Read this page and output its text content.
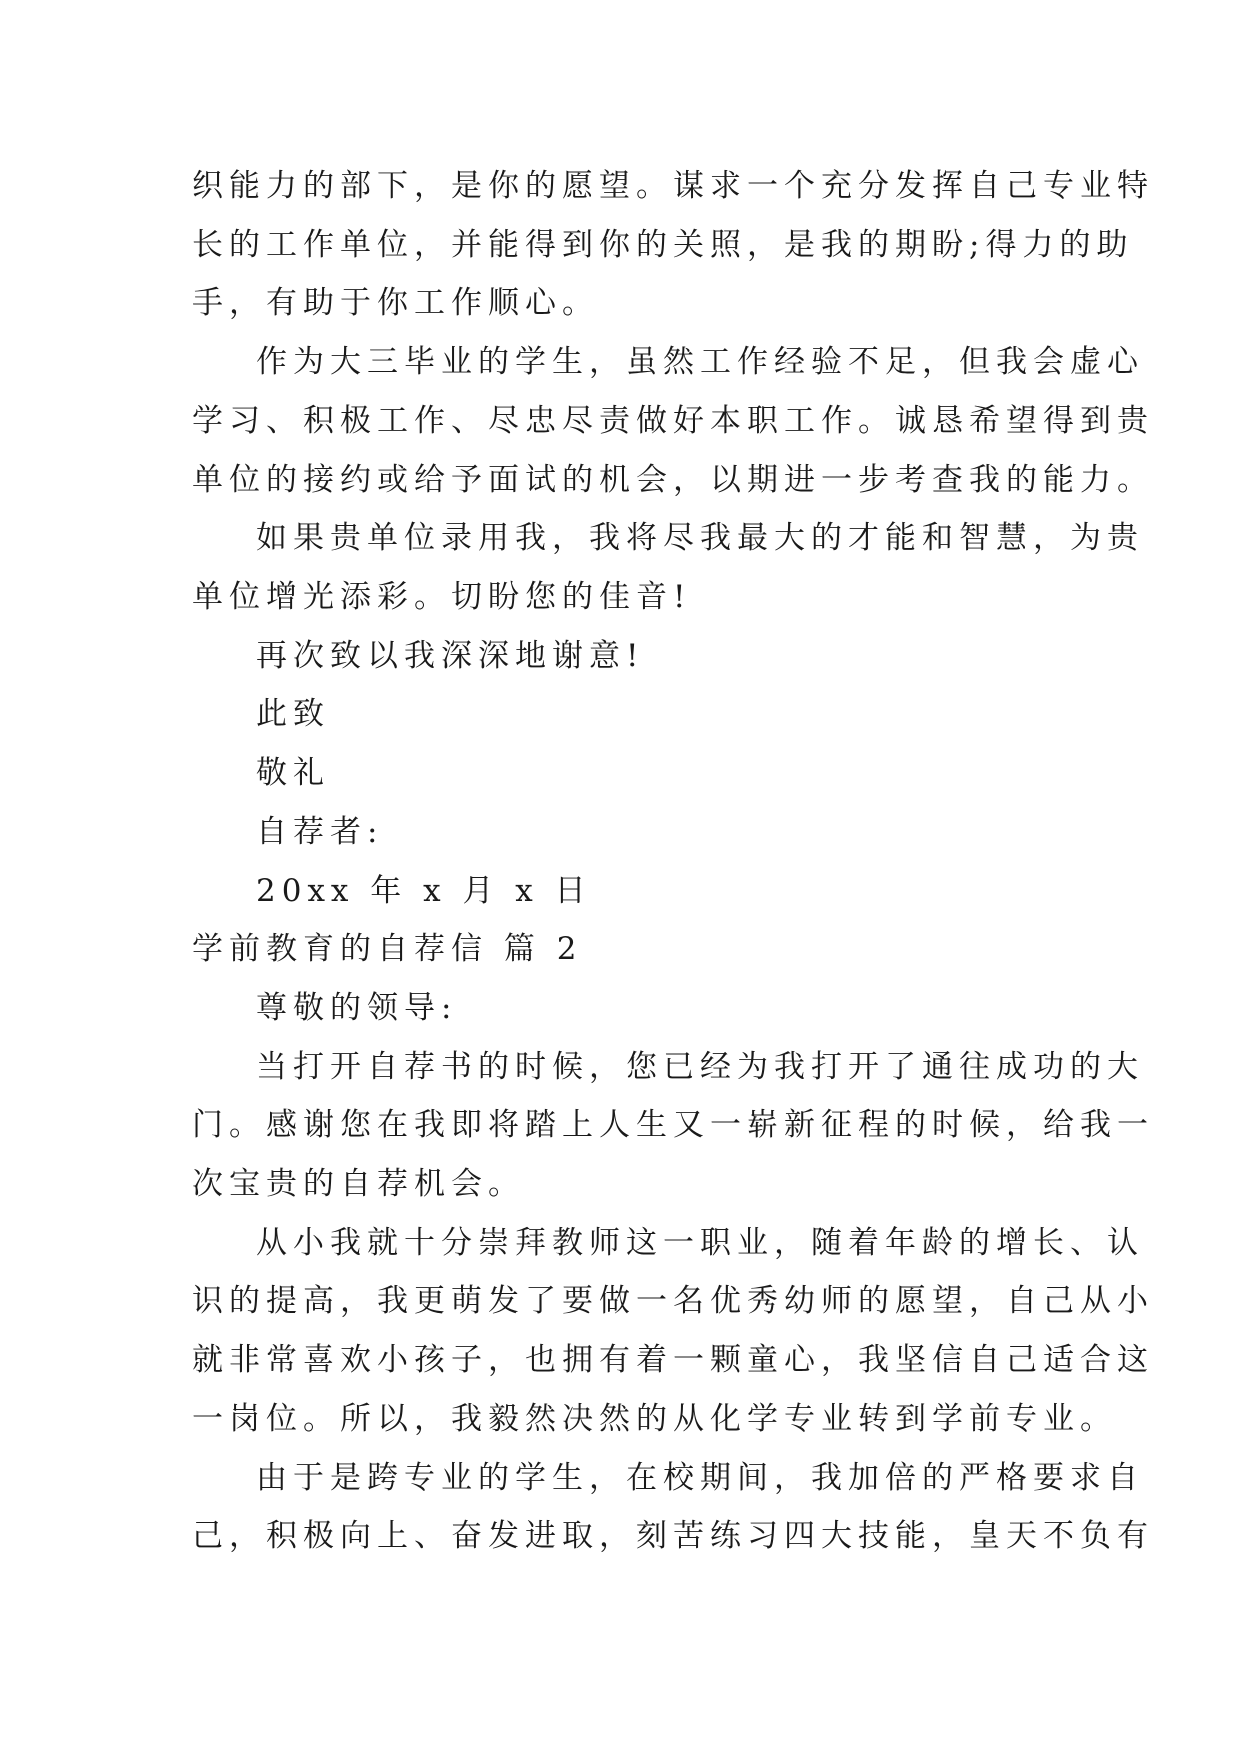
织能力的部下，是你的愿望。谋求一个充分发挥自己专业特
长的工作单位，并能得到你的关照，是我的期盼;得力的助
手，有助于你工作顺心。
作为大三毕业的学生，虽然工作经验不足，但我会虚心
学习、积极工作、尽忠尽责做好本职工作。诚恳希望得到贵
单位的接约或给予面试的机会，以期进一步考查我的能力。
如果贵单位录用我，我将尽我最大的才能和智慧，为贵
单位增光添彩。切盼您的佳音!
再次致以我深深地谢意!
此致
敬礼
自荐者:
20xx 年 x 月 x 日
学前教育的自荐信 篇 2
尊敬的领导:
当打开自荐书的时候，您已经为我打开了通往成功的大
门。感谢您在我即将踏上人生又一崭新征程的时候，给我一
次宝贵的自荐机会。
从小我就十分崇拜教师这一职业，随着年龄的增长、认
识的提高，我更萌发了要做一名优秀幼师的愿望，自己从小
就非常喜欢小孩子，也拥有着一颗童心，我坚信自己适合这
一岗位。所以，我毅然决然的从化学专业转到学前专业。
由于是跨专业的学生，在校期间，我加倍的严格要求自
己，积极向上、奋发进取，刻苦练习四大技能，皇天不负有
